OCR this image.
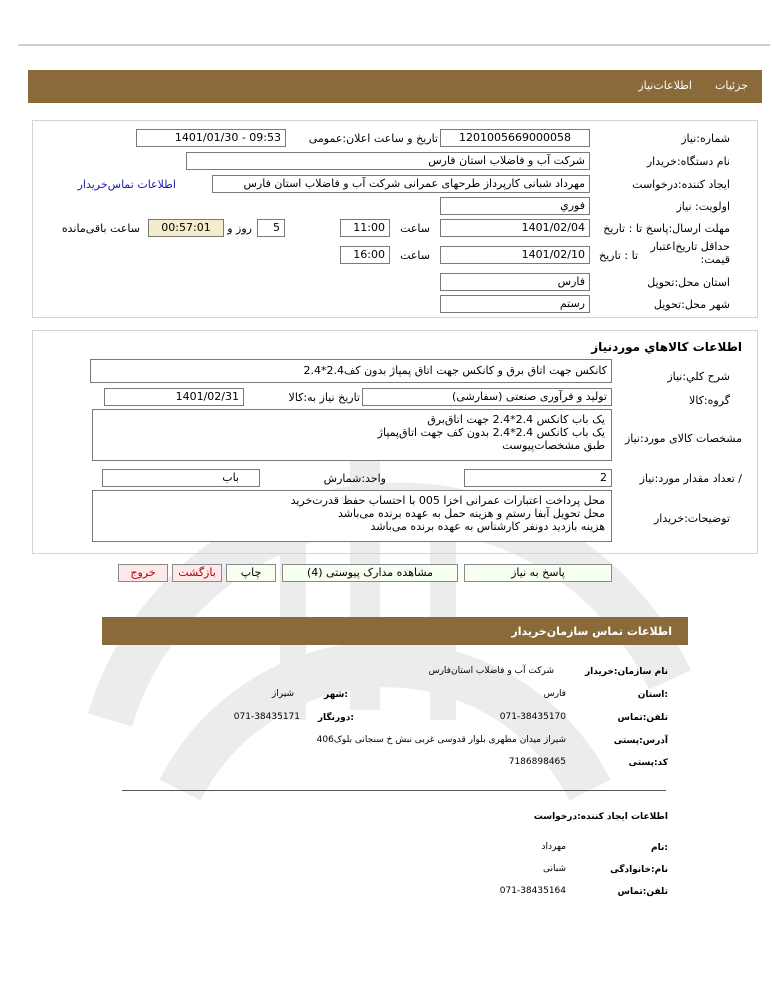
جزئیات
اطلاعات‌نیاز
شماره:نیاز
1201005669000058
تاریخ و ساعت اعلان:عمومی
1401/01/30 - 09:53
نام دستگاه:خریدار
شرکت آب و فاضلاب استان فارس
ایجاد کننده:درخواست
مهرداد شبانی کارپرداز طرحهای عمرانی شرکت آب و فاضلاب استان فارس
اطلاعات تماس‌خریدار
اولویت: نیاز
فوري
مهلت ارسال:پاسخ تا : تاریخ
1401/02/04
ساعت
11:00
5
روز و
00:57:01
ساعت باقی‌مانده
حداقل تاریخ‌اعتبار قیمت:
تا : تاریخ
1401/02/10
ساعت
16:00
استان محل:تحویل
فارس
شهر محل:تحویل
رستم
اطلاعات كالاهاي موردنياز
شرح كلي:نیاز
کانکس جهت اتاق برق و کانکس جهت اتاق پمپاژ بدون کف2.4*2.4
گروه:کالا
تولید و فرآوری صنعتی (سفارشی)
تاریخ نیاز به:کالا
1401/02/31
مشخصات کالای مورد:نیاز
یک باب کانکس 2.4*2.4 جهت اتاق‌برق
یک باب کانکس 2.4*2.4 بدون کف جهت اتاق‌پمپاژ
طبق مشخصات‌پیوست
/ تعداد مقدار مورد:نیاز
2
واحد:شمارش
باب
توضیحات:خریدار
محل پرداخت اعتبارات عمرانی اخزا 005 با احتساب حفظ قدرت‌خرید
محل تحویل آبفا رستم و هزینه حمل به عهده برنده می‌باشد
هزینه بازدید دونفر کارشناس به عهده برنده می‌باشد
پاسخ به نیاز
مشاهده مدارک پیوستی (4)
چاپ
بازگشت
خروج
اطلاعات تماس سازمان‌خریدار
نام سازمان:خریدار
شرکت آب و فاضلاب استان‌فارس
:استان
فارس
:شهر
شیراز
تلفن:تماس
071-38435170
:دورنگار
071-38435171
آدرس:پستی
شیراز میدان مطهری بلوار قدوسی غربی نبش خ سنجانی بلوک406
کد:پستی
7186898465
اطلاعات ایجاد کننده:درخواست
:نام
مهرداد
نام:خانوادگی
شبانی
تلفن:تماس
071-38435164
